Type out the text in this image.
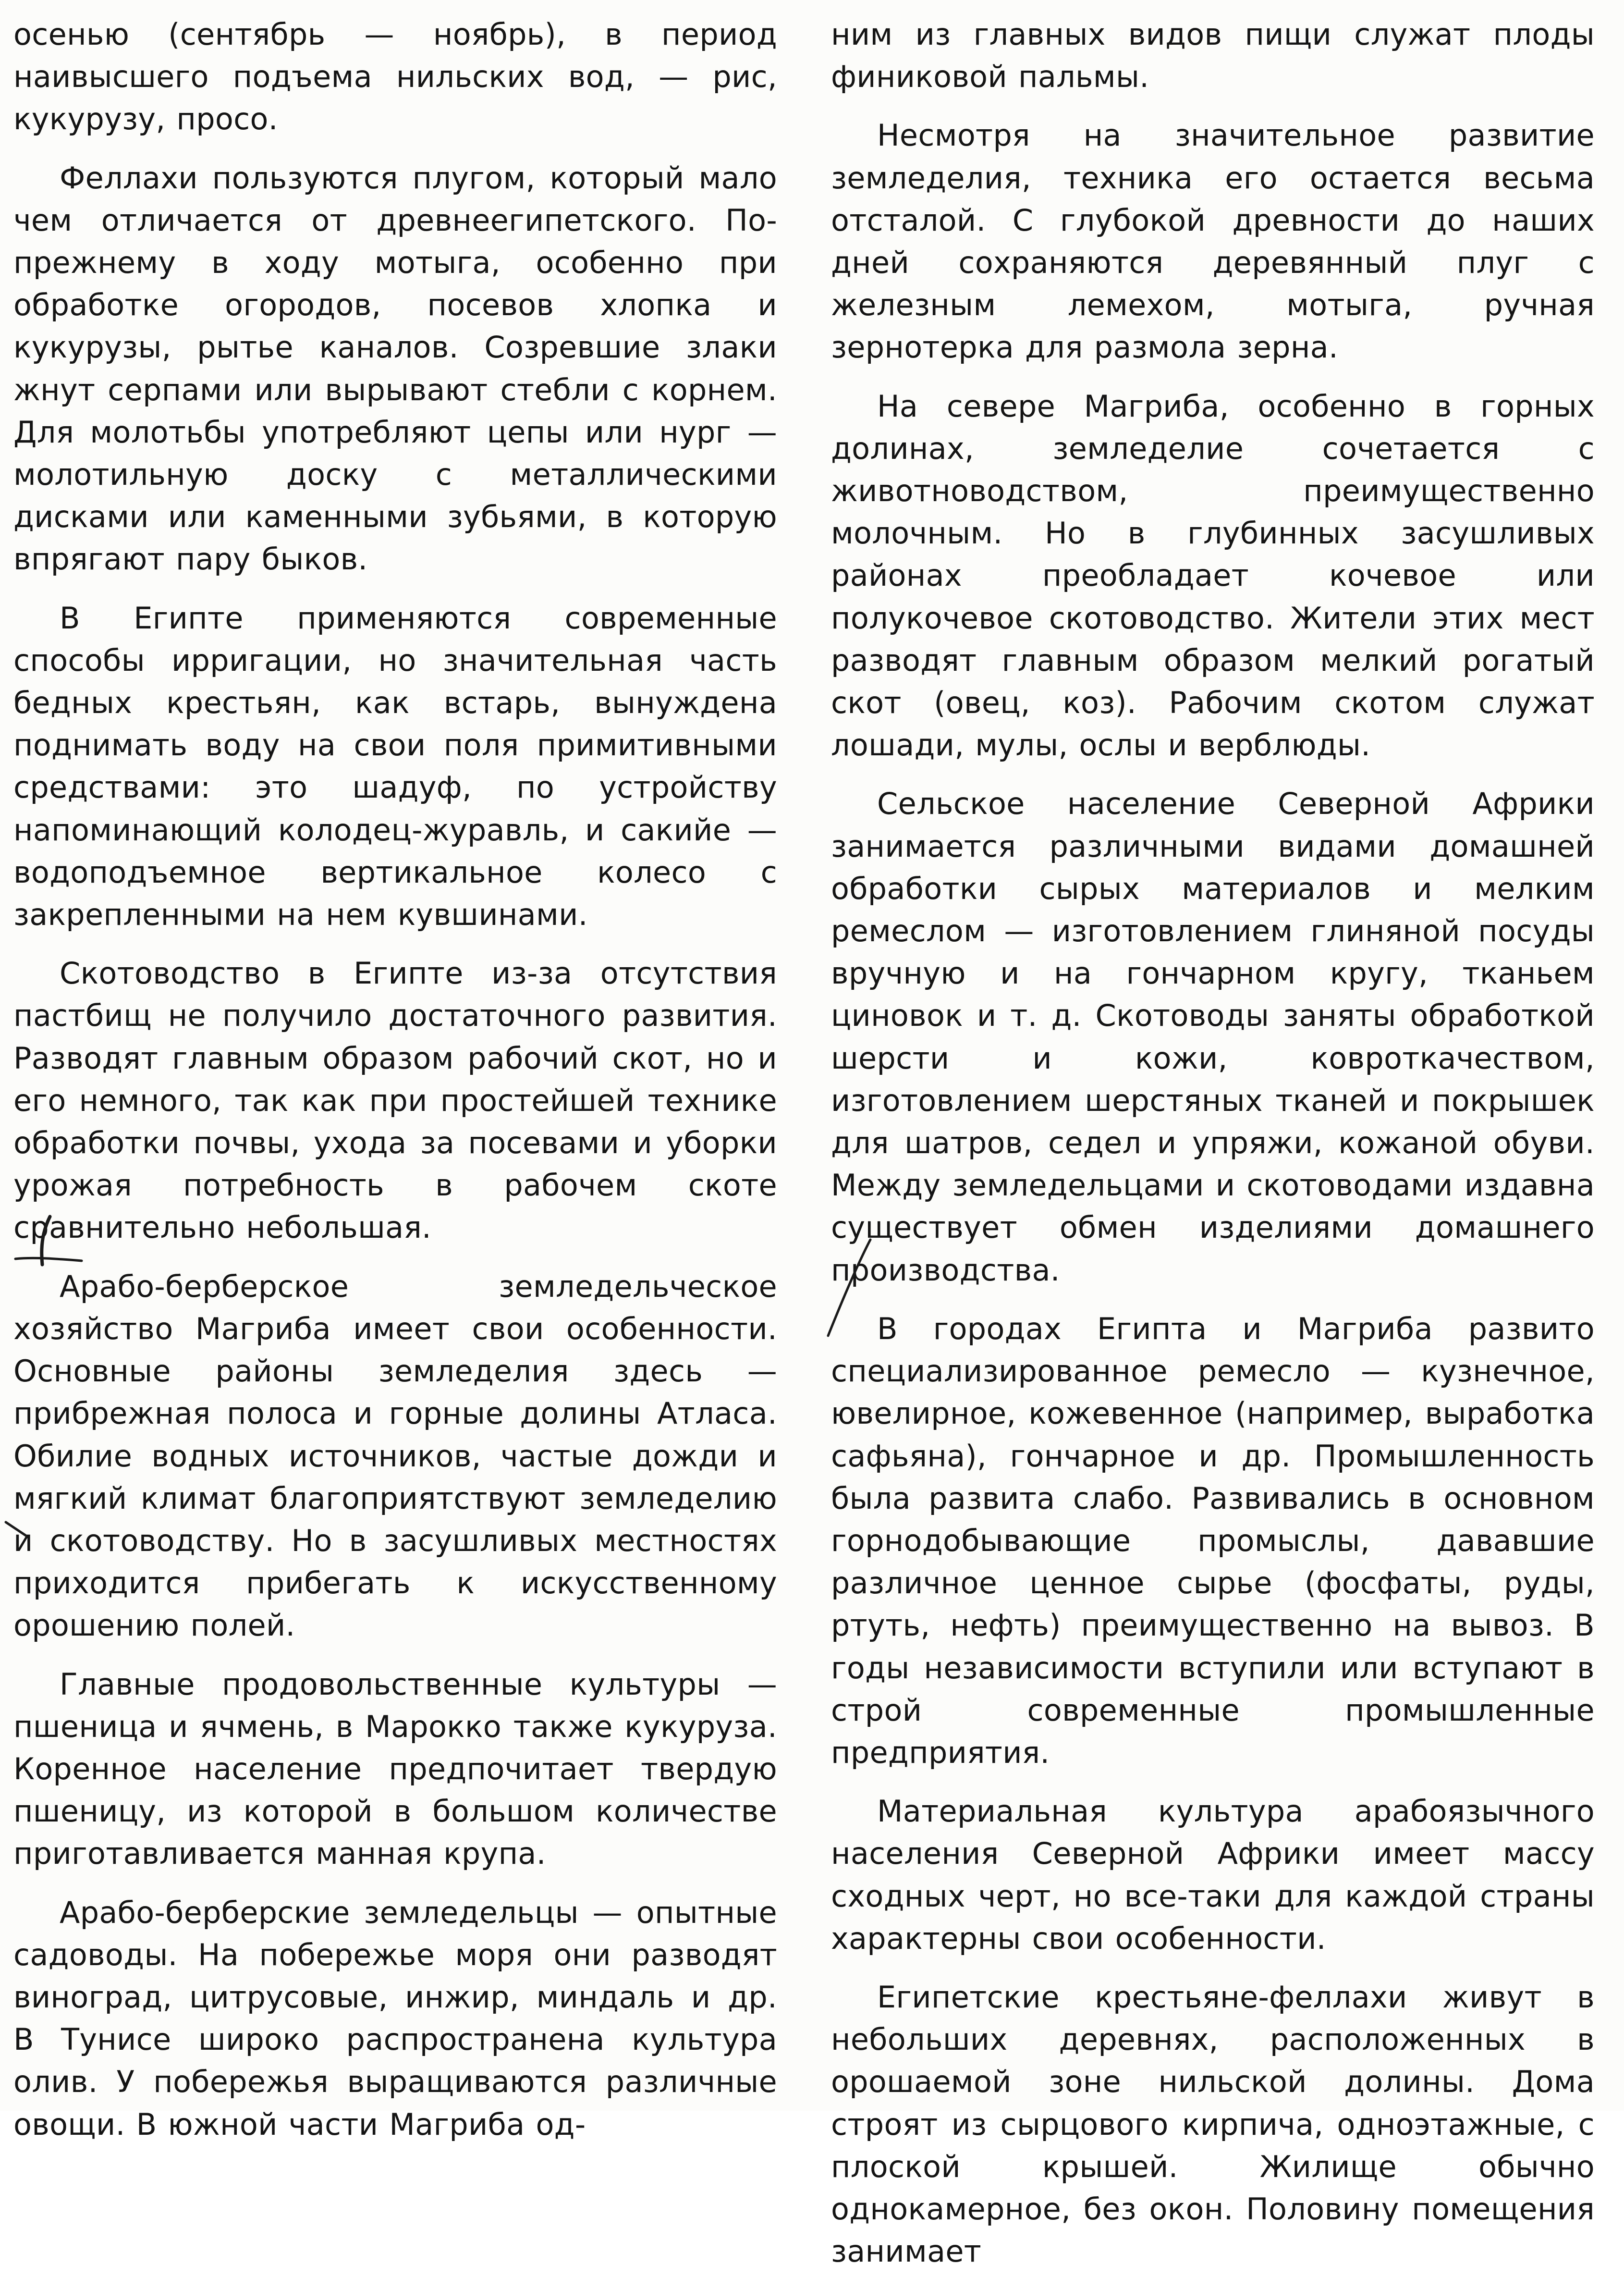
осенью (сентябрь — ноябрь), в период наивысшего подъема нильских вод, — рис, кукурузу, просо.

Феллахи пользуются плугом, который мало чем отличается от древнеегипетского. По-прежнему в ходу мотыга, особенно при обработке огородов, посевов хлопка и кукурузы, рытье каналов. Созревшие злаки жнут серпами или вырывают стебли с корнем. Для молотьбы употребляют цепы или нург — молотильную доску с металлическими дисками или каменными зубьями, в которую впрягают пару быков.

В Египте применяются современные способы ирригации, но значительная часть бедных крестьян, как встарь, вынуждена поднимать воду на свои поля примитивными средствами: это шадуф, по устройству напоминающий колодец-журавль, и сакийе — водоподъемное вертикальное колесо с закрепленными на нем кувшинами.

Скотоводство в Египте из-за отсутствия пастбищ не получило достаточного развития. Разводят главным образом рабочий скот, но и его немного, так как при простейшей технике обработки почвы, ухода за посевами и уборки урожая потребность в рабочем скоте сравнительно небольшая.

Арабо-берберское земледельческое хозяйство Магриба имеет свои особенности. Основные районы земледелия здесь — прибрежная полоса и горные долины Атласа. Обилие водных источников, частые дожди и мягкий климат благоприятствуют земледелию и скотоводству. Но в засушливых местностях приходится прибегать к искусственному орошению полей.

Главные продовольственные культуры — пшеница и ячмень, в Марокко также кукуруза. Коренное население предпочитает твердую пшеницу, из которой в большом количестве приготавливается манная крупа.

Арабо-берберские земледельцы — опытные садоводы. На побережье моря они разводят виноград, цитрусовые, инжир, миндаль и др. В Тунисе широко распространена культура олив. У побережья выращиваются различные овощи. В южной части Магриба од-

ним из главных видов пищи служат плоды финиковой пальмы.

Несмотря на значительное развитие земледелия, техника его остается весьма отсталой. С глубокой древности до наших дней сохраняются деревянный плуг с железным лемехом, мотыга, ручная зернотерка для размола зерна.

На севере Магриба, особенно в горных долинах, земледелие сочетается с животноводством, преимущественно молочным. Но в глубинных засушливых районах преобладает кочевое или полукочевое скотоводство. Жители этих мест разводят главным образом мелкий рогатый скот (овец, коз). Рабочим скотом служат лошади, мулы, ослы и верблюды.

Сельское население Северной Африки занимается различными видами домашней обработки сырых материалов и мелким ремеслом — изготовлением глиняной посуды вручную и на гончарном кругу, тканьем циновок и т. д. Скотоводы заняты обработкой шерсти и кожи, ковроткачеством, изготовлением шерстяных тканей и покрышек для шатров, седел и упряжи, кожаной обуви. Между земледельцами и скотоводами издавна существует обмен изделиями домашнего производства.

В городах Египта и Магриба развито специализированное ремесло — кузнечное, ювелирное, кожевенное (например, выработка сафьяна), гончарное и др. Промышленность была развита слабо. Развивались в основном горнодобывающие промыслы, дававшие различное ценное сырье (фосфаты, руды, ртуть, нефть) преимущественно на вывоз. В годы независимости вступили или вступают в строй современные промышленные предприятия.

Материальная культура арабоязычного населения Северной Африки имеет массу сходных черт, но все-таки для каждой страны характерны свои особенности.

Египетские крестьяне-феллахи живут в небольших деревнях, расположенных в орошаемой зоне нильской долины. Дома строят из сырцового кирпича, одноэтажные, с плоской крышей. Жилище обычно однокамерное, без окон. Половину помещения занимает
